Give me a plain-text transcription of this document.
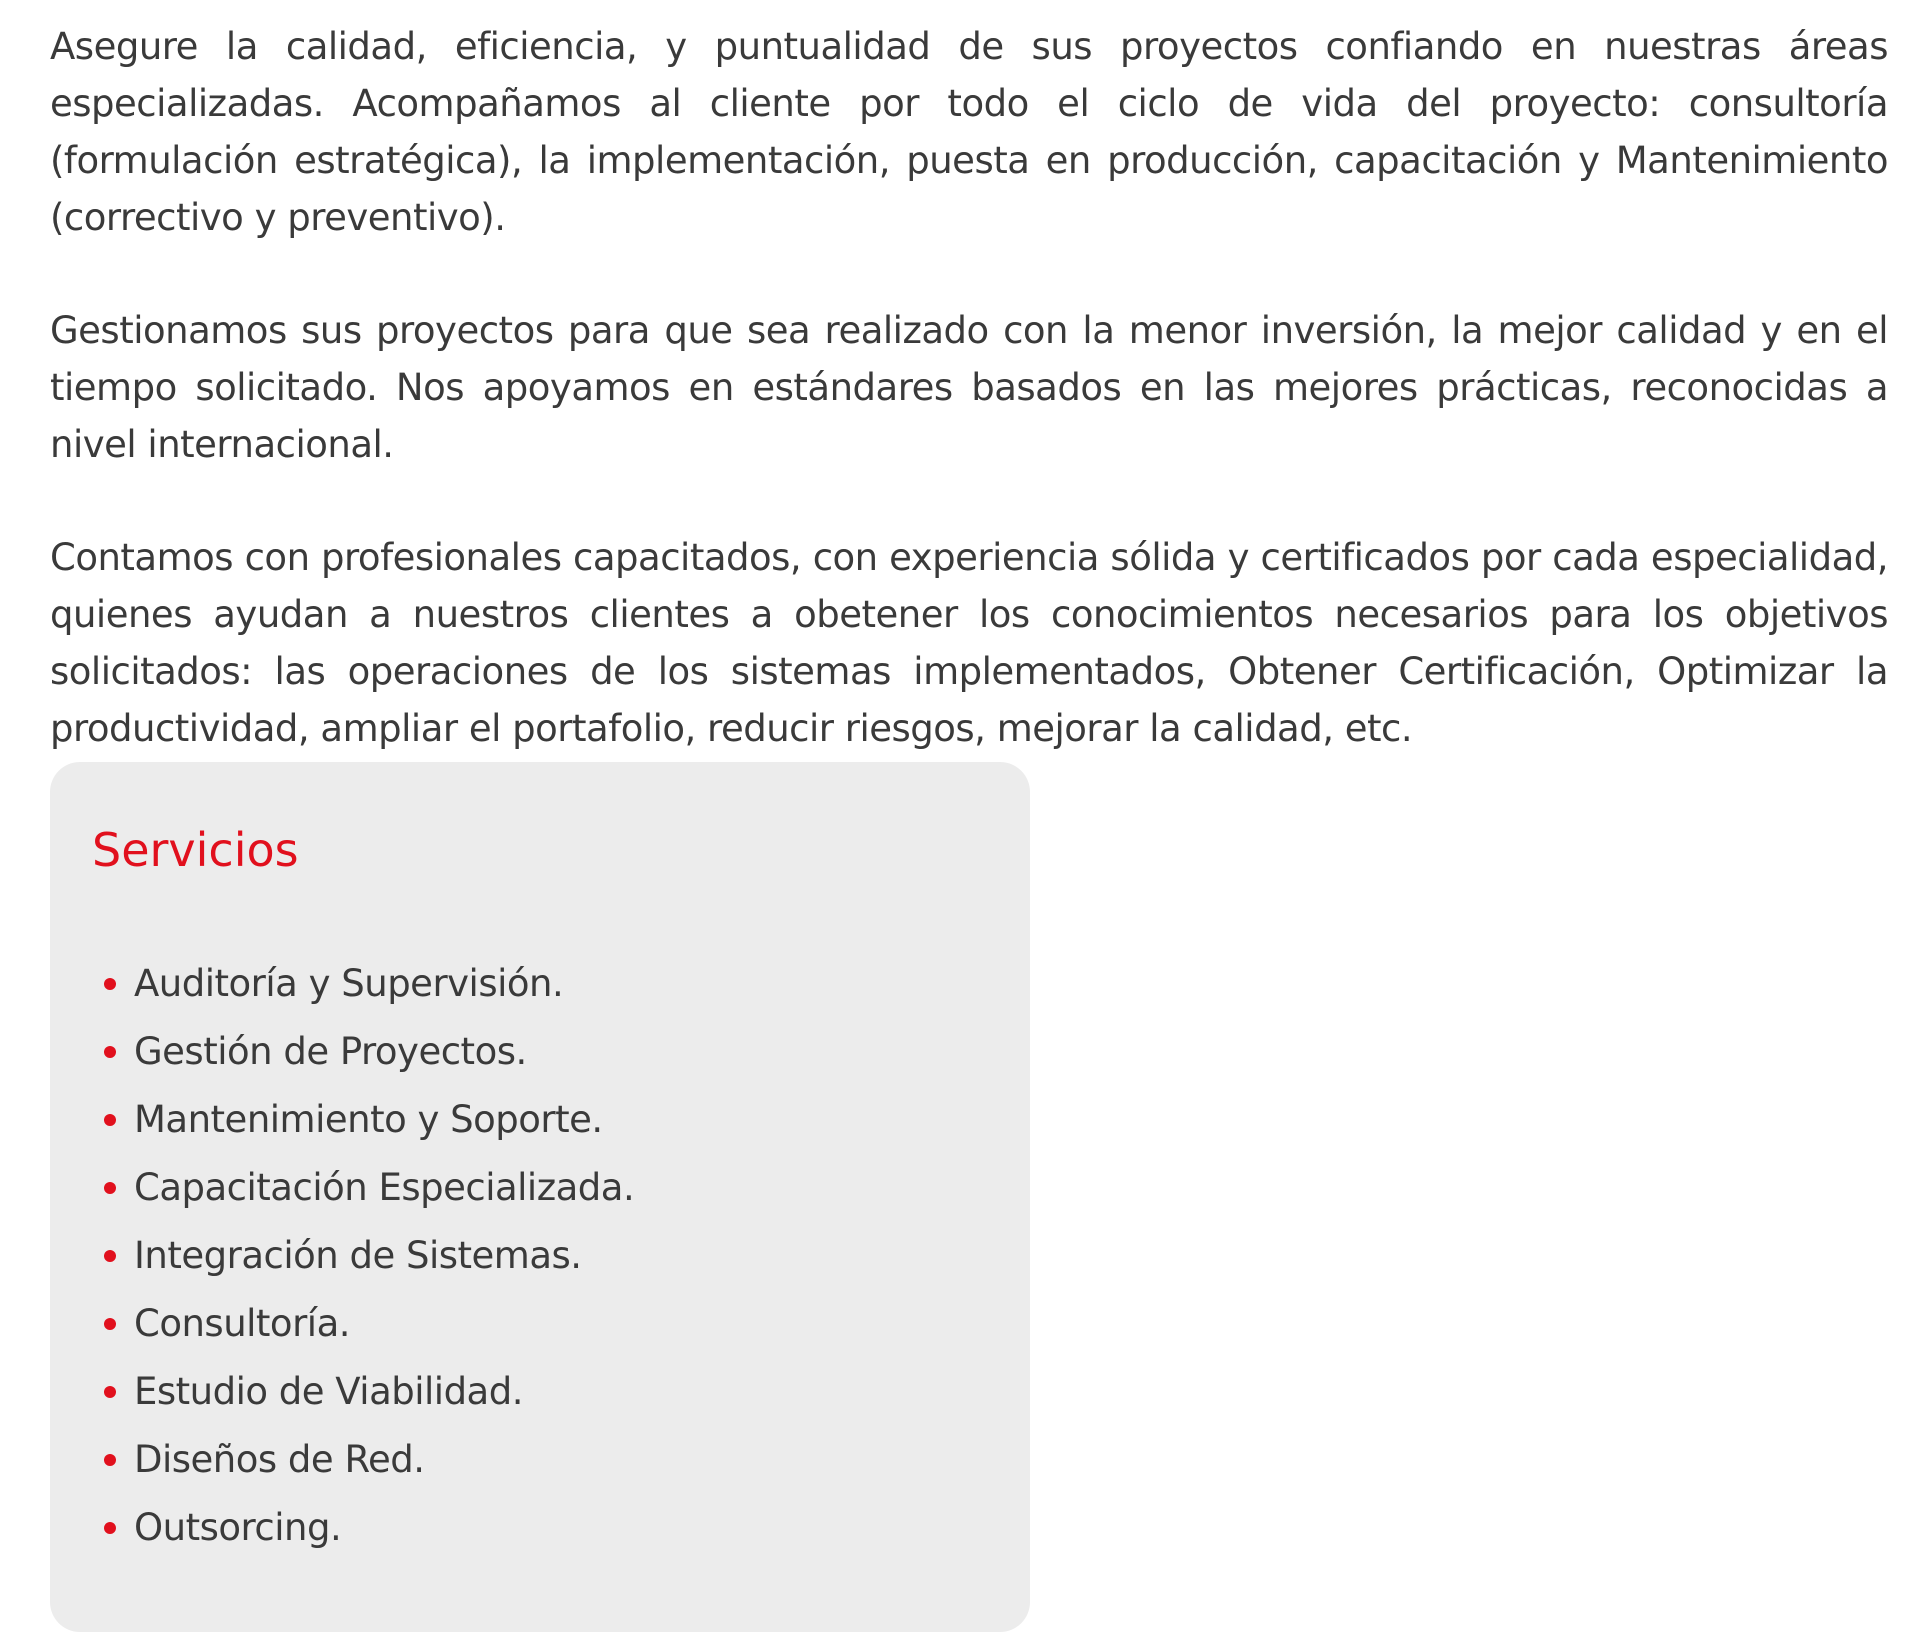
Asegure la calidad, eficiencia, y puntualidad de sus proyectos confiando en nuestras áreas especializadas. Acompañamos al cliente por todo el ciclo de vida del proyecto: consultoría (formulación estratégica), la implementación, puesta en producción, capacitación y Mantenimiento (correctivo y preventivo).

Gestionamos sus proyectos para que sea realizado con la menor inversión, la mejor calidad y en el tiempo solicitado. Nos apoyamos en estándares basados en las mejores prácticas, reconocidas a nivel internacional.

Contamos con profesionales capacitados, con experiencia sólida y certificados por cada especialidad, quienes ayudan a nuestros clientes a obetener los conocimientos necesarios para los objetivos solicitados: las operaciones de los sistemas implementados, Obtener Certificación, Optimizar la productividad, ampliar el portafolio, reducir riesgos, mejorar la calidad, etc.

Servicios
Auditoría y Supervisión.
Gestión de Proyectos.
Mantenimiento y Soporte.
Capacitación Especializada.
Integración de Sistemas.
Consultoría.
Estudio de Viabilidad.
Diseños de Red.
Outsorcing.
